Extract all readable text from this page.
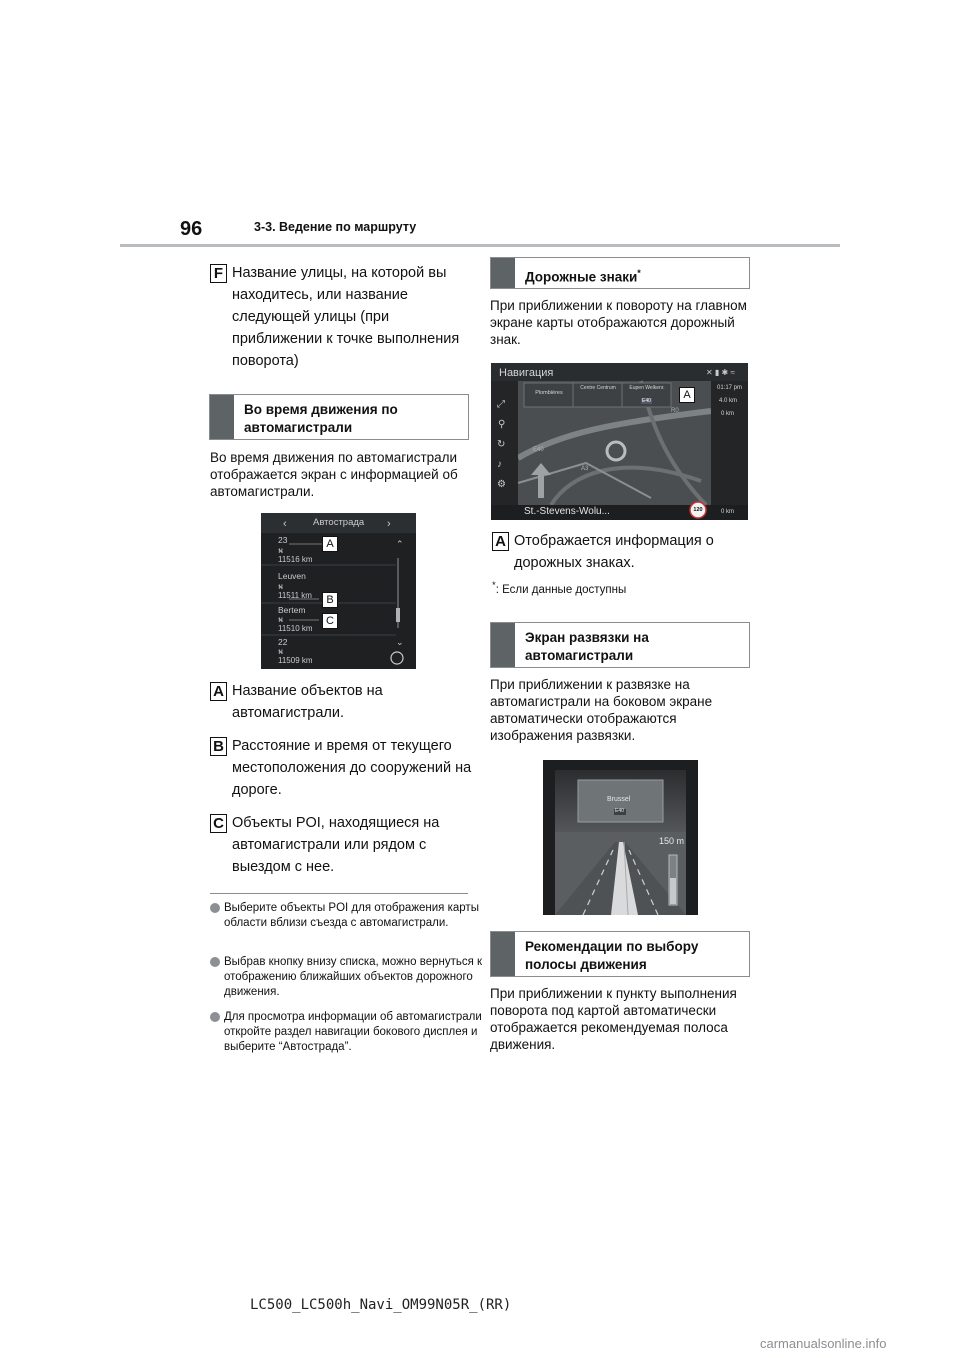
96	3-3. Ведение по маршруту
F Название улицы, на которой вы находитесь, или название следующей улицы (при приближении к точке выполнения поворота)
Во время движения по автомагистрали
Во время движения по автомагистрали отображается экран с информацией об автомагистрали.
‹	›
⌃
⌄
Автострада
23
⛕
11516 km
Leuven
⛕
11511 km
Bertem
⛕
11510 km
22
⛕
11509 km
A
B
C
A Название объектов на автомагистрали.
B Расстояние и время от текущего местоположения до сооружений на дороге.
C Объекты POI, находящиеся на автомагистрали или рядом с выездом с нее.
Выберите объекты POI для отображения карты области вблизи съезда с автомагистрали.
Выбрав кнопку внизу списка, можно вернуться к отображению ближайших объектов дорожного движения.
Для просмотра информации об автомагистрали откройте раздел навигации бокового дисплея и выберите “Автострада”.
Дорожные знаки*
При приближении к повороту на главном экране карты отображаются дорожный знак.
⤢
⚲
↻
♪
⚙
✕ ▮ ✱ ≈
Навигация
Plombières
Centre Centrum	Eupen Welkenr.
E40
R0
A3
E40
01:17 pm
4.0 km
0 km
0 km
120
St.-Stevens-Wolu...
A
A Отображается информация о дорожных знаках.
*: Если данные доступны
Экран развязки на автомагистрали
При приближении к развязке на автомагистрали на боковом экране автоматически отображаются изображения развязки.
Brussel
E40
150 m
Рекомендации по выбору полосы движения
При приближении к пункту выполнения поворота под картой автоматически отображается рекомендуемая полоса движения.
LC500_LC500h_Navi_OM99N05R_(RR)
carmanualsonline.info
